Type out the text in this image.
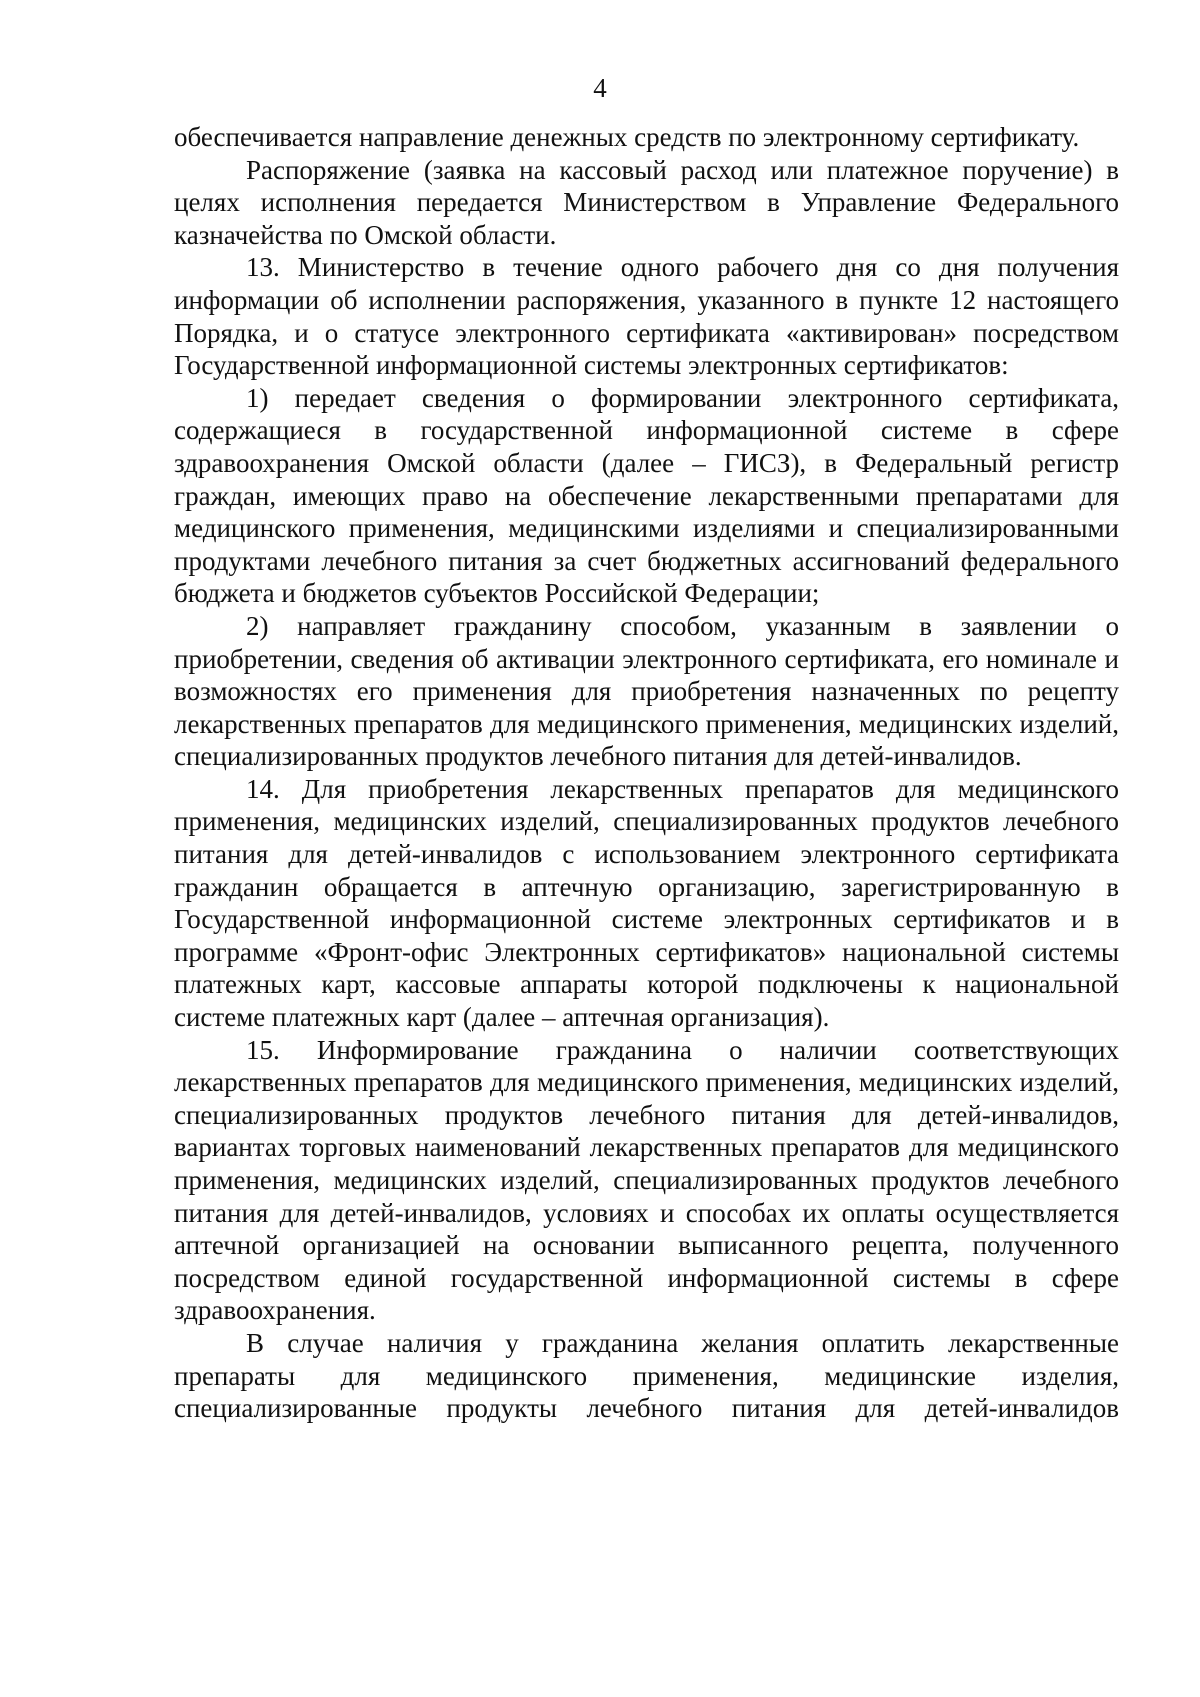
4

обеспечивается направление денежных средств по электронному сертификату.

Распоряжение (заявка на кассовый расход или платежное поручение) в целях исполнения передается Министерством в Управление Федерального казначейства по Омской области.

13. Министерство в течение одного рабочего дня со дня получения информации об исполнении распоряжения, указанного в пункте 12 настоящего Порядка, и о статусе электронного сертификата «активирован» посредством Государственной информационной системы электронных сертификатов:

1) передает сведения о формировании электронного сертификата, содержащиеся в государственной информационной системе в сфере здравоохранения Омской области (далее – ГИСЗ), в Федеральный регистр граждан, имеющих право на обеспечение лекарственными препаратами для медицинского применения, медицинскими изделиями и специализированными продуктами лечебного питания за счет бюджетных ассигнований федерального бюджета и бюджетов субъектов Российской Федерации;

2) направляет гражданину способом, указанным в заявлении о приобретении, сведения об активации электронного сертификата, его номинале и возможностях его применения для приобретения назначенных по рецепту лекарственных препаратов для медицинского применения, медицинских изделий, специализированных продуктов лечебного питания для детей-инвалидов.

14. Для приобретения лекарственных препаратов для медицинского применения, медицинских изделий, специализированных продуктов лечебного питания для детей-инвалидов с использованием электронного сертификата гражданин обращается в аптечную организацию, зарегистрированную в Государственной информационной системе электронных сертификатов и в программе «Фронт-офис Электронных сертификатов» национальной системы платежных карт, кассовые аппараты которой подключены к национальной системе платежных карт (далее – аптечная организация).

15. Информирование гражданина о наличии соответствующих лекарственных препаратов для медицинского применения, медицинских изделий, специализированных продуктов лечебного питания для детей-инвалидов, вариантах торговых наименований лекарственных препаратов для медицинского применения, медицинских изделий, специализированных продуктов лечебного питания для детей-инвалидов, условиях и способах их оплаты осуществляется аптечной организацией на основании выписанного рецепта, полученного посредством единой государственной информационной системы в сфере здравоохранения.

В случае наличия у гражданина желания оплатить лекарственные препараты для медицинского применения, медицинские изделия, специализированные продукты лечебного питания для детей-инвалидов
